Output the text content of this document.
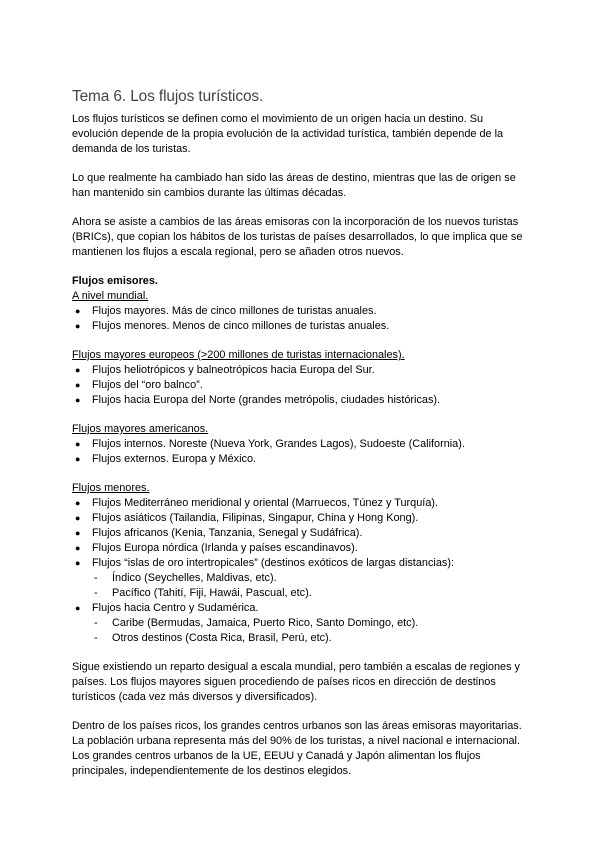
Tema 6. Los flujos turísticos.

Los flujos turísticos se definen como el movimiento de un origen hacia un destino. Su evolución depende de la propia evolución de la actividad turística, también depende de la demanda de los turistas.

Lo que realmente ha cambiado han sido las áreas de destino, mientras que las de origen se han mantenido sin cambios durante las últimas décadas.

Ahora se asiste a cambios de las áreas emisoras con la incorporación de los nuevos turistas (BRICs), que copian los hábitos de los turistas de países desarrollados, lo que implica que se mantienen los flujos a escala regional, pero se añaden otros nuevos.

Flujos emisores.

A nivel mundial.

● Flujos mayores. Más de cinco millones de turistas anuales.
● Flujos menores. Menos de cinco millones de turistas anuales.

Flujos mayores europeos (>200 millones de turistas internacionales).

● Flujos heliotrópicos y balneotrópicos hacia Europa del Sur.
● Flujos del “oro balnco”.
● Flujos hacia Europa del Norte (grandes metrópolis, ciudades históricas).

Flujos mayores americanos.

● Flujos internos. Noreste (Nueva York, Grandes Lagos), Sudoeste (California).
● Flujos externos. Europa y México.

Flujos menores.

● Flujos Mediterráneo meridional y oriental (Marruecos, Túnez y Turquía).
● Flujos asiáticos (Tailandia, Filipinas, Singapur, China y Hong Kong).
● Flujos africanos (Kenia, Tanzania, Senegal y Sudáfrica).
● Flujos Europa nórdica (Irlanda y países escandinavos).
● Flujos “islas de oro intertropicales” (destinos exóticos de largas distancias):
- Índico (Seychelles, Maldivas, etc).
- Pacífico (Tahití, Fiji, Hawái, Pascual, etc).
● Flujos hacia Centro y Sudamérica.
- Caribe (Bermudas, Jamaica, Puerto Rico, Santo Domingo, etc).
- Otros destinos (Costa Rica, Brasil, Perú, etc).

Sigue existiendo un reparto desigual a escala mundial, pero también a escalas de regiones y países. Los flujos mayores siguen procediendo de países ricos en dirección de destinos turísticos (cada vez más diversos y diversificados).

Dentro de los países ricos, los grandes centros urbanos son las áreas emisoras mayoritarias. La población urbana representa más del 90% de los turistas, a nivel nacional e internacional. Los grandes centros urbanos de la UE, EEUU y Canadá y Japón alimentan los flujos principales, independientemente de los destinos elegidos.
